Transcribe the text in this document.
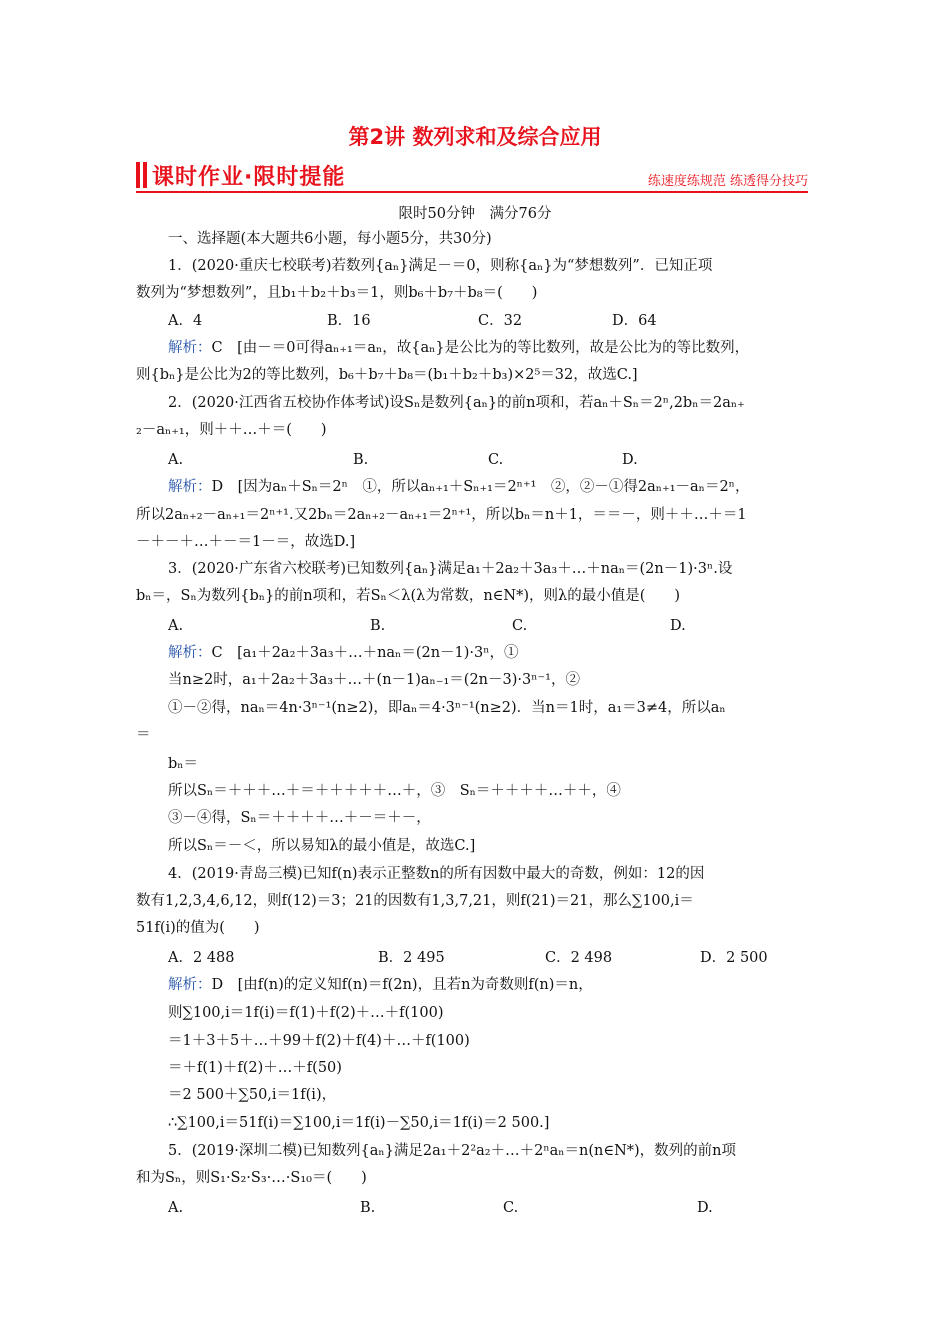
第2讲 数列求和及综合应用
课时作业·限时提能	练速度练规范 练透得分技巧
限时50分钟　满分76分
一、选择题(本大题共6小题，每小题5分，共30分)
1．(2020·重庆七校联考)若数列{aₙ}满足－＝0，则称{aₙ}为“梦想数列”．已知正项
数列为“梦想数列”，且b₁＋b₂＋b₃＝1，则b₆＋b₇＋b₈＝(　　)
A．4	B．16	C．32	D．64
解析：C　[由－＝0可得aₙ₊₁＝aₙ，故{aₙ}是公比为的等比数列，故是公比为的等比数列，
则{bₙ}是公比为2的等比数列，b₆＋b₇＋b₈＝(b₁＋b₂＋b₃)×2⁵＝32，故选C.]
2．(2020·江西省五校协作体考试)设Sₙ是数列{aₙ}的前n项和，若aₙ＋Sₙ＝2ⁿ,2bₙ＝2aₙ₊
₂－aₙ₊₁，则＋＋…＋＝(　　)
A.	B.	C.	D.
解析：D　[因为aₙ＋Sₙ＝2ⁿ　①，所以aₙ₊₁＋Sₙ₊₁＝2ⁿ⁺¹　②，②－①得2aₙ₊₁－aₙ＝2ⁿ，
所以2aₙ₊₂－aₙ₊₁＝2ⁿ⁺¹.又2bₙ＝2aₙ₊₂－aₙ₊₁＝2ⁿ⁺¹，所以bₙ＝n＋1，＝＝－，则＋＋…＋＝1
－＋－＋…＋－＝1－＝，故选D.]
3．(2020·广东省六校联考)已知数列{aₙ}满足a₁＋2a₂＋3a₃＋…＋naₙ＝(2n－1)·3ⁿ.设
bₙ＝，Sₙ为数列{bₙ}的前n项和，若Sₙ＜λ(λ为常数，n∈N*)，则λ的最小值是(　　)
A.	B.	C.	D.
解析：C　[a₁＋2a₂＋3a₃＋…＋naₙ＝(2n－1)·3ⁿ，①
当n≥2时，a₁＋2a₂＋3a₃＋…＋(n－1)aₙ₋₁＝(2n－3)·3ⁿ⁻¹，②
①－②得，naₙ＝4n·3ⁿ⁻¹(n≥2)，即aₙ＝4·3ⁿ⁻¹(n≥2)．当n＝1时，a₁＝3≠4，所以aₙ
＝
bₙ＝
所以Sₙ＝＋＋＋…＋＝＋＋＋＋＋…＋，③　Sₙ＝＋＋＋＋…＋＋，④
③－④得，Sₙ＝＋＋＋＋…＋－＝＋－，
所以Sₙ＝－＜，所以易知λ的最小值是，故选C.]
4．(2019·青岛三模)已知f(n)表示正整数n的所有因数中最大的奇数，例如：12的因
数有1,2,3,4,6,12，则f(12)＝3；21的因数有1,3,7,21，则f(21)＝21，那么∑100,i＝
51f(i)的值为(　　)
A．2 488	B．2 495	C．2 498	D．2 500
解析：D　[由f(n)的定义知f(n)＝f(2n)，且若n为奇数则f(n)＝n，
则∑100,i＝1f(i)＝f(1)＋f(2)＋…＋f(100)
＝1＋3＋5＋…＋99＋f(2)＋f(4)＋…＋f(100)
＝＋f(1)＋f(2)＋…＋f(50)
＝2 500＋∑50,i＝1f(i)，
∴∑100,i＝51f(i)＝∑100,i＝1f(i)－∑50,i＝1f(i)＝2 500.]
5．(2019·深圳二模)已知数列{aₙ}满足2a₁＋2²a₂＋…＋2ⁿaₙ＝n(n∈N*)，数列的前n项
和为Sₙ，则S₁·S₂·S₃·…·S₁₀＝(　　)
A.	B.	C.	D.
